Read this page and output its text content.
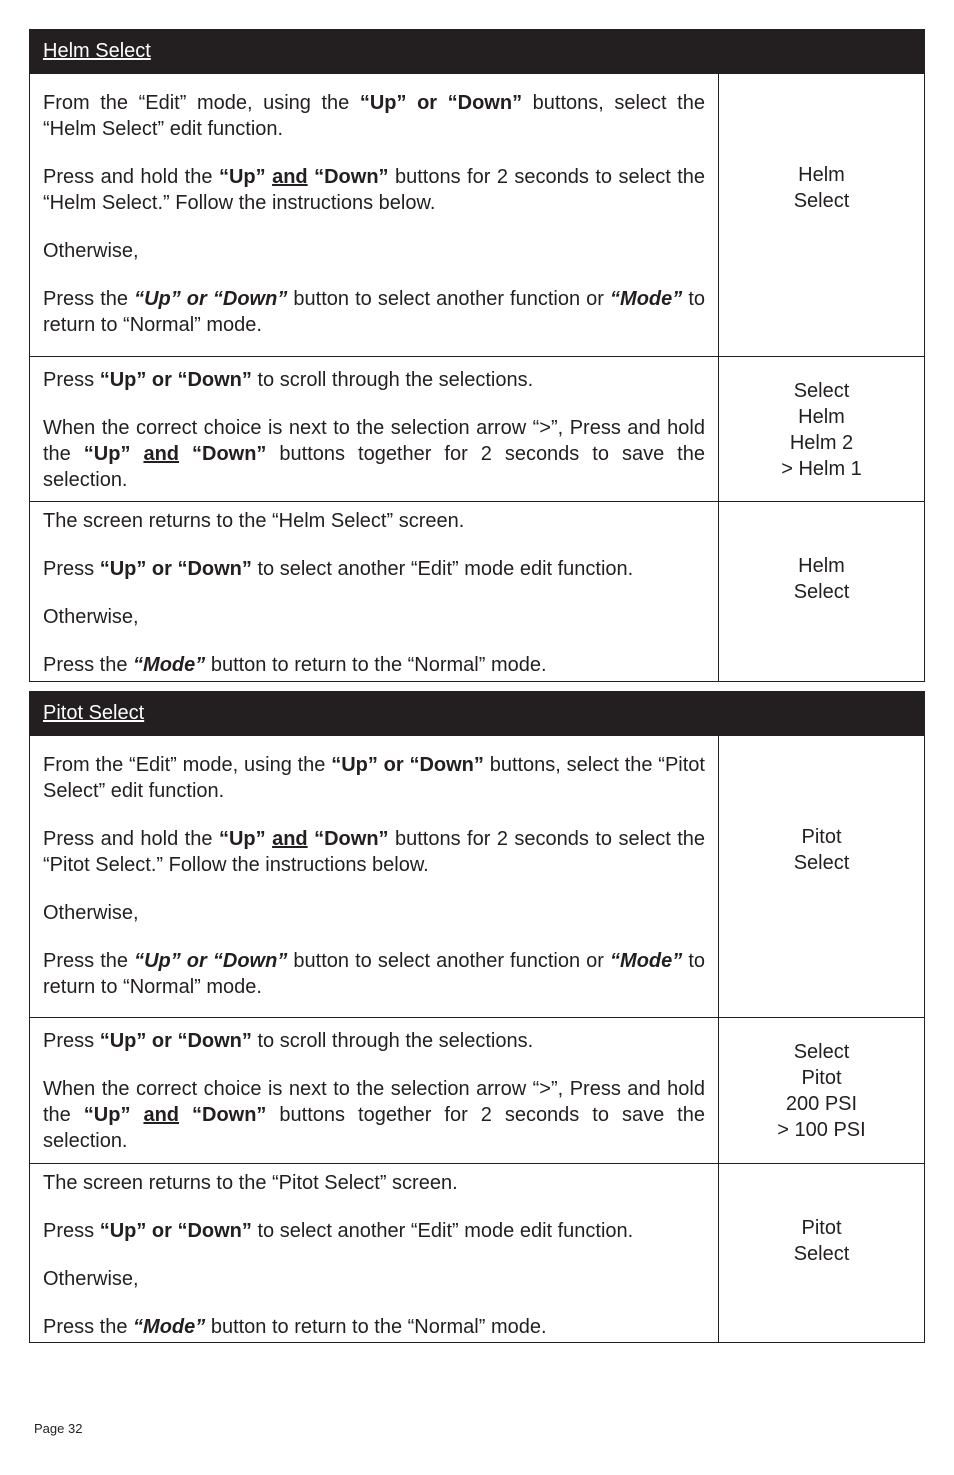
Helm Select

From the “Edit” mode, using the “Up” or “Down” buttons, select the “Helm Select” edit function.

Press and hold the “Up” and “Down” buttons for 2 seconds to select the “Helm Select.” Follow the instructions below.

Otherwise,

Press the “Up” or “Down” button to select another function or “Mode” to return to “Normal” mode.

Helm
Select

Press “Up” or “Down” to scroll through the selections.

When the correct choice is next to the selection arrow “>”, Press and hold the “Up” and “Down” buttons together for 2 seconds to save the selection.

Select
Helm
Helm 2
> Helm 1

The screen returns to the “Helm Select” screen.

Press “Up” or “Down” to select another “Edit” mode edit function.

Otherwise,

Press the “Mode” button to return to the “Normal” mode.

Helm
Select
Pitot Select

From the “Edit” mode, using the “Up” or “Down” buttons, select the “Pitot Select” edit function.

Press and hold the “Up” and “Down” buttons for 2 seconds to select the “Pitot Select.” Follow the instructions below.

Otherwise,

Press the “Up” or “Down” button to select another function or “Mode” to return to “Normal” mode.

Pitot
Select

Press “Up” or “Down” to scroll through the selections.

When the correct choice is next to the selection arrow “>”, Press and hold the “Up” and “Down” buttons together for 2 seconds to save the selection.

Select
Pitot
200 PSI
> 100 PSI

The screen returns to the “Pitot Select” screen.

Press “Up” or “Down” to select another “Edit” mode edit function.

Otherwise,

Press the “Mode” button to return to the “Normal” mode.

Pitot
Select
Page 32
